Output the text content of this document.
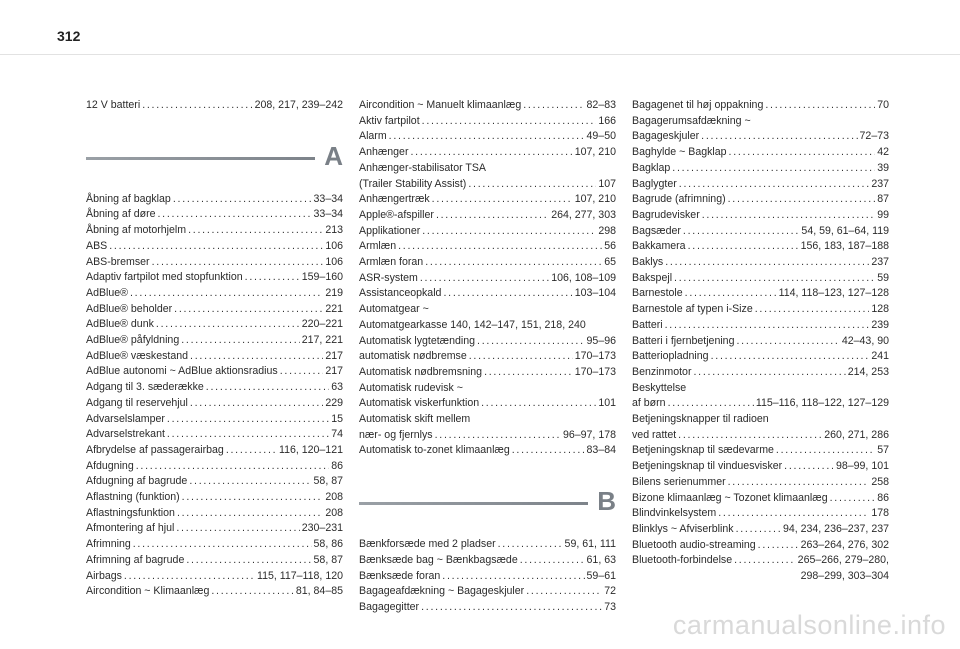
312
12 V batteri . . .	208, 217, 239–242
A
Åbning af bagklap . . .	33–34
Åbning af døre . . .	33–34
Åbning af motorhjelm . . .	213
ABS . . .	106
ABS-bremser . . .	106
Adaptiv fartpilot med stopfunktion . . .	159–160
AdBlue® . . .	219
AdBlue® beholder . . .	221
AdBlue® dunk . . .	220–221
AdBlue® påfyldning . . .	217, 221
AdBlue® væskestand . . .	217
AdBlue autonomi ~ AdBlue aktionsradius . . .	217
Adgang til 3. sæderække . . .	63
Adgang til reservehjul . . .	229
Advarselslamper . . .	15
Advarselstrekant . . .	74
Afbrydelse af passagerairbag . . .	116, 120–121
Afdugning . . .	86
Afdugning af bagrude . . .	58, 87
Aflastning (funktion) . . .	208
Aflastningsfunktion . . .	208
Afmontering af hjul . . .	230–231
Afrimning . . .	58, 86
Afrimning af bagrude . . .	58, 87
Airbags . . .	115, 117–118, 120
Aircondition ~ Klimaanlæg . . .	81, 84–85
Aircondition ~ Manuelt klimaanlæg . . .	82–83
Aktiv fartpilot . . .	166
Alarm . . .	49–50
Anhænger . . .	107, 210
Anhænger-stabilisator TSA
(Trailer Stability Assist) . . .	107
Anhængertræk . . .	107, 210
Apple®-afspiller . . .	264, 277, 303
Applikationer . . .	298
Armlæn . . .	56
Armlæn foran . . .	65
ASR-system . . .	106, 108–109
Assistanceopkald . . .	103–104
Automatgear ~
Automatgearkasse 140, 142–147, 151, 218, 240
Automatisk lygtetænding . . .	95–96
automatisk nødbremse . . .	170–173
Automatisk nødbremsning . . .	170–173
Automatisk rudevisk ~
Automatisk viskerfunktion . . .	101
Automatisk skift mellem
nær- og fjernlys . . .	96–97, 178
Automatisk to-zonet klimaanlæg . . .	83–84
B
Bænkforsæde med 2 pladser . . .	59, 61, 111
Bænksæde bag ~ Bænkbagsæde . . .	61, 63
Bænksæde foran . . .	59–61
Bagageafdækning ~ Bagageskjuler . . .	72
Bagagegitter . . .	73
Bagagenet til høj oppakning . . .	70
Bagagerumsafdækning ~
Bagageskjuler . . .	72–73
Baghylde ~ Bagklap . . .	42
Bagklap . . .	39
Baglygter . . .	237
Bagrude (afrimning) . . .	87
Bagrudevisker . . .	99
Bagsæder . . .	54, 59, 61–64, 119
Bakkamera . . .	156, 183, 187–188
Baklys . . .	237
Bakspejl . . .	59
Barnestole . . .	114, 118–123, 127–128
Barnestole af typen i-Size . . .	128
Batteri . . .	239
Batteri i fjernbetjening . . .	42–43, 90
Batteriopladning . . .	241
Benzinmotor . . .	214, 253
Beskyttelse
af børn . . .	115–116, 118–122, 127–129
Betjeningsknapper til radioen
ved rattet . . .	260, 271, 286
Betjeningsknap til sædevarme . . .	57
Betjeningsknap til vinduesvisker . . .	98–99, 101
Bilens serienummer . . .	258
Bizone klimaanlæg ~ Tozonet klimaanlæg . . .	86
Blindvinkelsystem . . .	178
Blinklys ~ Afviserblink . . .	94, 234, 236–237, 237
Bluetooth audio-streaming . . .	263–264, 276, 302
Bluetooth-forbindelse . . .	265–266, 279–280,
298–299, 303–304
carmanualsonline.info
